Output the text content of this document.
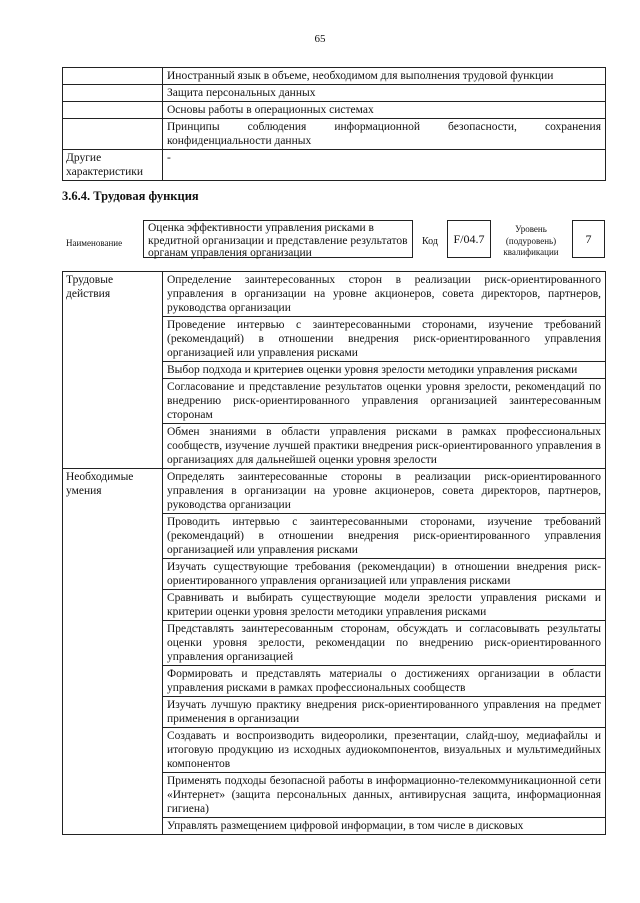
65
	Иностранный язык в объеме, необходимом для выполнения трудовой функции
	Защита персональных данных
	Основы работы в операционных системах
	Принципы соблюдения информационной безопасности, сохранения конфиденциальности данных
Другие характеристики	-
3.6.4. Трудовая функция
Наименование
Оценка эффективности управления рисками в кредитной организации и представление результатов органам управления организации
Код	F/04.7
Уровень (подуровень) квалификации
7
Трудовые действия	Определение заинтересованных сторон в реализации риск-ориентированного управления в организации на уровне акционеров, совета директоров, партнеров, руководства организации
	Проведение интервью с заинтересованными сторонами, изучение требований (рекомендаций) в отношении внедрения риск-ориентированного управления организацией или управления рисками
	Выбор подхода и критериев оценки уровня зрелости методики управления рисками
	Согласование и представление результатов оценки уровня зрелости, рекомендаций по внедрению риск-ориентированного управления организацией заинтересованным сторонам
	Обмен знаниями в области управления рисками в рамках профессиональных сообществ, изучение лучшей практики внедрения риск-ориентированного управления в организациях для дальнейшей оценки уровня зрелости
Необходимые умения	Определять заинтересованные стороны в реализации риск-ориентированного управления в организации на уровне акционеров, совета директоров, партнеров, руководства организации
	Проводить интервью с заинтересованными сторонами, изучение требований (рекомендаций) в отношении внедрения риск-ориентированного управления организацией или управления рисками
	Изучать существующие требования (рекомендации) в отношении внедрения риск-ориентированного управления организацией или управления рисками
	Сравнивать и выбирать существующие модели зрелости управления рисками и критерии оценки уровня зрелости методики управления рисками
	Представлять заинтересованным сторонам, обсуждать и согласовывать результаты оценки уровня зрелости, рекомендации по внедрению риск-ориентированного управления организацией
	Формировать и представлять материалы о достижениях организации в области управления рисками в рамках профессиональных сообществ
	Изучать лучшую практику внедрения риск-ориентированного управления на предмет применения в организации
	Создавать и воспроизводить видеоролики, презентации, слайд-шоу, медиафайлы и итоговую продукцию из исходных аудиокомпонентов, визуальных и мультимедийных компонентов
	Применять подходы безопасной работы в информационно-телекоммуникационной сети «Интернет» (защита персональных данных, антивирусная защита, информационная гигиена)
	Управлять размещением цифровой информации, в том числе в дисковых
